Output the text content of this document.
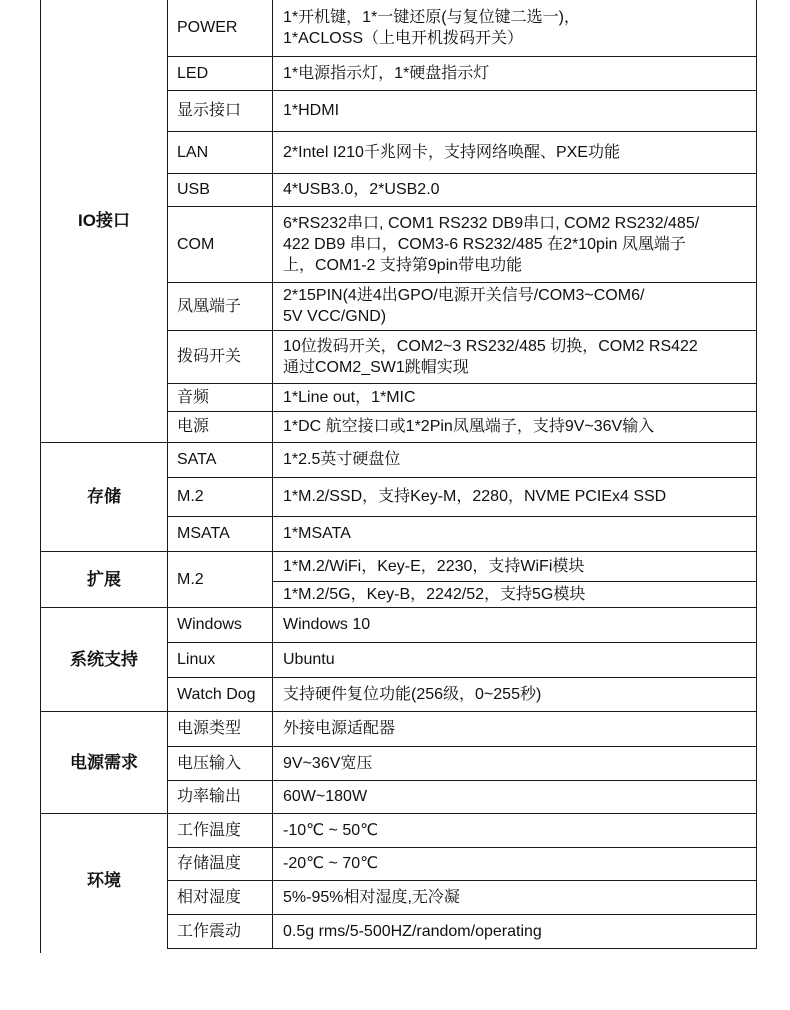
IO接口	POWER	1*开机键，1*一键还原(与复位键二选一)，
1*ACLOSS（上电开机拨码开关）

	LED	1*电源指示灯，1*硬盘指示灯

	显示接口	1*HDMI

	LAN	2*Intel I210千兆网卡，支持网络唤醒、PXE功能

	USB	4*USB3.0，2*USB2.0

	COM	6*RS232串口, COM1 RS232 DB9串口, COM2 RS232/485/
422 DB9 串口，COM3-6 RS232/485 在2*10pin 凤凰端子
上，COM1-2 支持第9pin带电功能

	凤凰端子	2*15PIN(4进4出GPO/电源开关信号/COM3~COM6/
5V VCC/GND)

	拨码开关	10位拨码开关，COM2~3 RS232/485 切换，COM2 RS422
通过COM2_SW1跳帽实现

	音频	1*Line out，1*MIC

	电源	1*DC 航空接口或1*2Pin凤凰端子，支持9V~36V输入

存储	SATA	1*2.5英寸硬盘位

	M.2	1*M.2/SSD，支持Key-M，2280，NVME PCIEx4 SSD

	MSATA	1*MSATA

扩展	M.2	1*M.2/WiFi，Key-E，2230，支持WiFi模块

		1*M.2/5G，Key-B，2242/52，支持5G模块

系统支持	Windows	Windows 10

	Linux	Ubuntu

	Watch Dog	支持硬件复位功能(256级，0~255秒)

电源需求	电源类型	外接电源适配器

	电压输入	9V~36V宽压

	功率输出	60W~180W

环境	工作温度	-10℃ ~ 50℃

	存储温度	-20℃ ~ 70℃

	相对湿度	5%-95%相对湿度,无冷凝

	工作震动	0.5g rms/5-500HZ/random/operating
